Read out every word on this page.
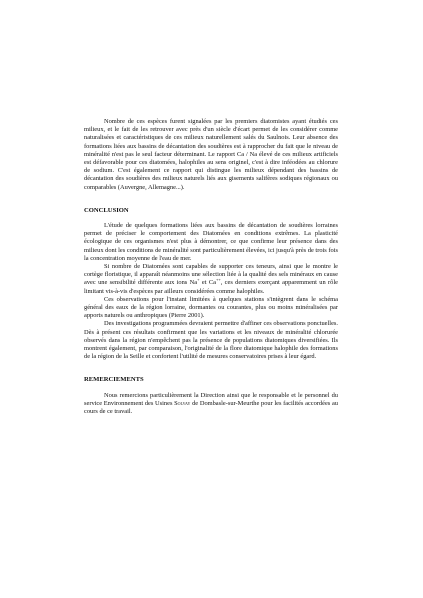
Nombre de ces espèces furent signalées par les premiers diatomistes ayant étudiés ces milieux, et le fait de les retrouver avec près d'un siècle d'écart permet de les considérer comme naturalisées et caractéristiques de ces milieux naturellement salés du Saulnois. Leur absence des formations liées aux bassins de décantation des soudières est à rapprocher du fait que le niveau de minéralité n'est pas le seul facteur déterminant. Le rapport Ca / Na élevé de ces milieux artificiels est défavorable pour ces diatomées, halophiles au sens originel, c'est à dire inféodées au chlorure de sodium. C'est également ce rapport qui distingue les milieux dépendant des bassins de décantation des soudières des milieux naturels liés aux gisements salifères sodiques régionaux ou comparables (Auvergne, Allemagne...).

CONCLUSION

L'étude de quelques formations liées aux bassins de décantation de soudières lorraines permet de préciser le comportement des Diatomées en conditions extrêmes. La plasticité écologique de ces organismes n'est plus à démontrer, ce que confirme leur présence dans des milieux dont les conditions de minéralité sont particulièrement élevées, ici jusqu'à près de trois fois la concentration moyenne de l'eau de mer.

Si nombre de Diatomées sont capables de supporter ces teneurs, ainsi que le montre le cortège floristique, il apparaît néanmoins une sélection liée à la qualité des sels minéraux en cause avec une sensibilité différente aux ions Na+ et Ca++, ces derniers exerçant apparemment un rôle limitant vis-à-vis d'espèces par ailleurs considérées comme halophiles.

Ces observations pour l'instant limitées à quelques stations s'intègrent dans le schéma général des eaux de la région lorraine, dormantes ou courantes, plus ou moins minéralisées par apports naturels ou anthropiques (Pierre 2001).

Des investigations programmées devraient permettre d'affiner ces observations ponctuelles. Dès à présent ces résultats confirment que les variations et les niveaux de minéralité chlorurée observés dans la région n'empêchent pas la présence de populations diatomiques diversifiées. Ils montrent également, par comparaison, l'originalité de la flore diatomique halophile des formations de la région de la Seille et confortent l'utilité de mesures conservatoires prises à leur égard.

REMERCIEMENTS

Nous remercions particulièrement la Direction ainsi que le responsable et le personnel du service Environnement des Usines Solvay de Dombasle-sur-Meurthe pour les facilités accordées au cours de ce travail.
